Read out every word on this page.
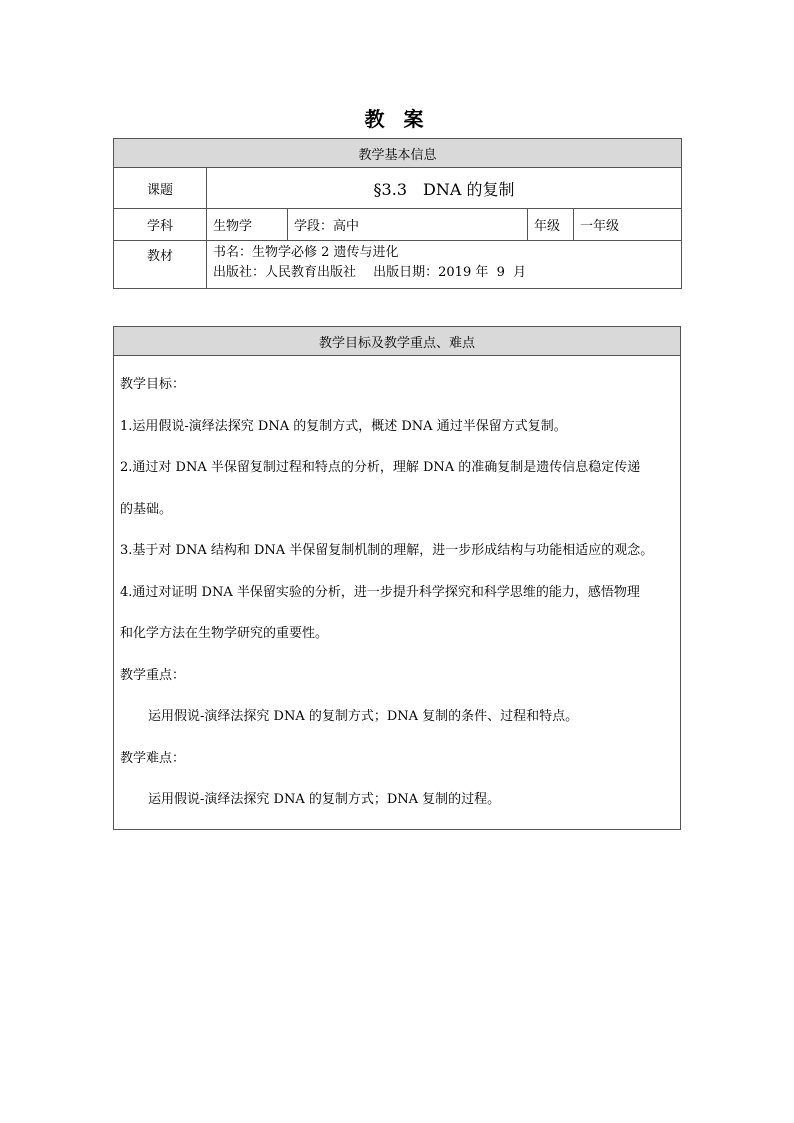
教 案
教学基本信息				
课题	§3.3　DNA 的复制			
学科	生物学	学段：高中	年级	一年级
教材	书名：生物学必修 2 遗传与进化
出版社：人民教育出版社　 出版日期：2019 年  9  月			
教学目标及教学重点、难点

教学目标：

1.运用假说-演绎法探究 DNA 的复制方式，概述 DNA 通过半保留方式复制。

2.通过对 DNA 半保留复制过程和特点的分析，理解 DNA 的准确复制是遗传信息稳定传递

的基础。

3.基于对 DNA 结构和 DNA 半保留复制机制的理解，进一步形成结构与功能相适应的观念。

4.通过对证明 DNA 半保留实验的分析，进一步提升科学探究和科学思维的能力，感悟物理

和化学方法在生物学研究的重要性。

教学重点：

运用假说-演绎法探究 DNA 的复制方式；DNA 复制的条件、过程和特点。

教学难点：

运用假说-演绎法探究 DNA 的复制方式；DNA 复制的过程。
